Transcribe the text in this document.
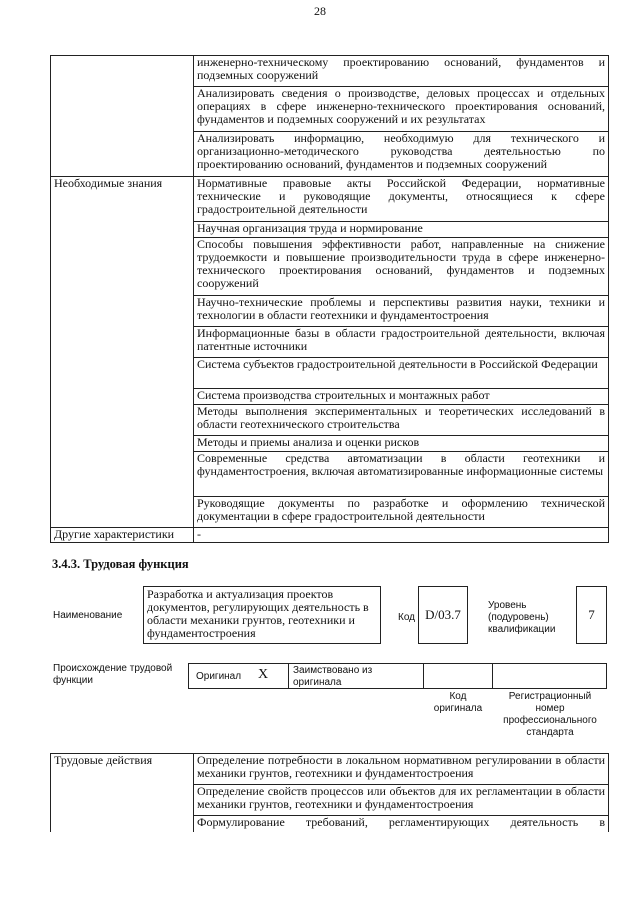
28
	инженерно-техническому проектированию оснований, фундаментов и подземных сооружений
	Анализировать сведения о производстве, деловых процессах и отдельных операциях в сфере инженерно-технического проектирования оснований, фундаментов и подземных сооружений и их результатах
	Анализировать информацию, необходимую для технического и организационно-методического руководства деятельностью по проектированию оснований, фундаментов и подземных сооружений
Необходимые знания	Нормативные правовые акты Российской Федерации, нормативные технические и руководящие документы, относящиеся к сфере градостроительной деятельности
	Научная организация труда и нормирование
	Способы повышения эффективности работ, направленные на снижение трудоемкости и повышение производительности труда в сфере инженерно-технического проектирования оснований, фундаментов и подземных сооружений
	Научно-технические проблемы и перспективы развития науки, техники и технологии в области геотехники и фундаментостроения
	Информационные базы в области градостроительной деятельности, включая патентные источники
	Система субъектов градостроительной деятельности в Российской Федерации
	Система производства строительных и монтажных работ
	Методы выполнения экспериментальных и теоретических исследований в области геотехнического строительства
	Методы и приемы анализа и оценки рисков
	Современные средства автоматизации в области геотехники и фундаментостроения, включая автоматизированные информационные системы
	Руководящие документы по разработке и оформлению технической документации в сфере градостроительной деятельности
Другие характеристики	-
3.4.3. Трудовая функция
Наименование
Разработка и актуализация проектов документов, регулирующих деятельность в области механики грунтов, геотехники и фундаментостроения
Код D/03.7
Уровень (подуровень) квалификации
7
Происхождение трудовой функции	Оригинал X Заимствовано из оригинала
Код оригинала
Регистрационный номер профессионального стандарта
Трудовые действия	Определение потребности в локальном нормативном регулировании в области механики грунтов, геотехники и фундаментостроения
Определение свойств процессов или объектов для их регламентации в области механики грунтов, геотехники и фундаментостроения
Формулирование требований, регламентирующих деятельность в
